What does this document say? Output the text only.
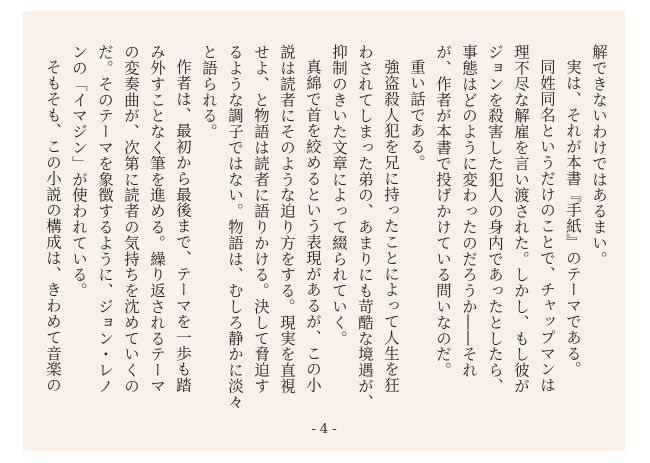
解できないわけではあるまい。
実は、それが本書『手紙』のテーマである。
同姓同名というだけのことで、チャップマンは
理不尽な解雇を言い渡された。しかし、もし彼が
ジョンを殺害した犯人の身内であったとしたら、
事態はどのように変わったのだろうか――それ
が、作者が本書で投げかけている問いなのだ。
重い話である。
強盗殺人犯を兄に持ったことによって人生を狂
わされてしまった弟の、あまりにも苛酷な境遇が、
抑制のきいた文章によって綴られていく。
真綿で首を絞めるという表現があるが、この小
説は読者にそのような迫り方をする。現実を直視
せよ、と物語は読者に語りかける。決して脅迫す
るような調子ではない。物語は、むしろ静かに淡々
と語られる。
作者は、最初から最後まで、テーマを一歩も踏
み外すことなく筆を進める。繰り返されるテーマ
の変奏曲が、次第に読者の気持ちを沈めていくの
だ。そのテーマを象徴するように、ジョン・レノ
ンの「イマジン」が使われている。
そもそも、この小説の構成は、きわめて音楽の
- 4 -
